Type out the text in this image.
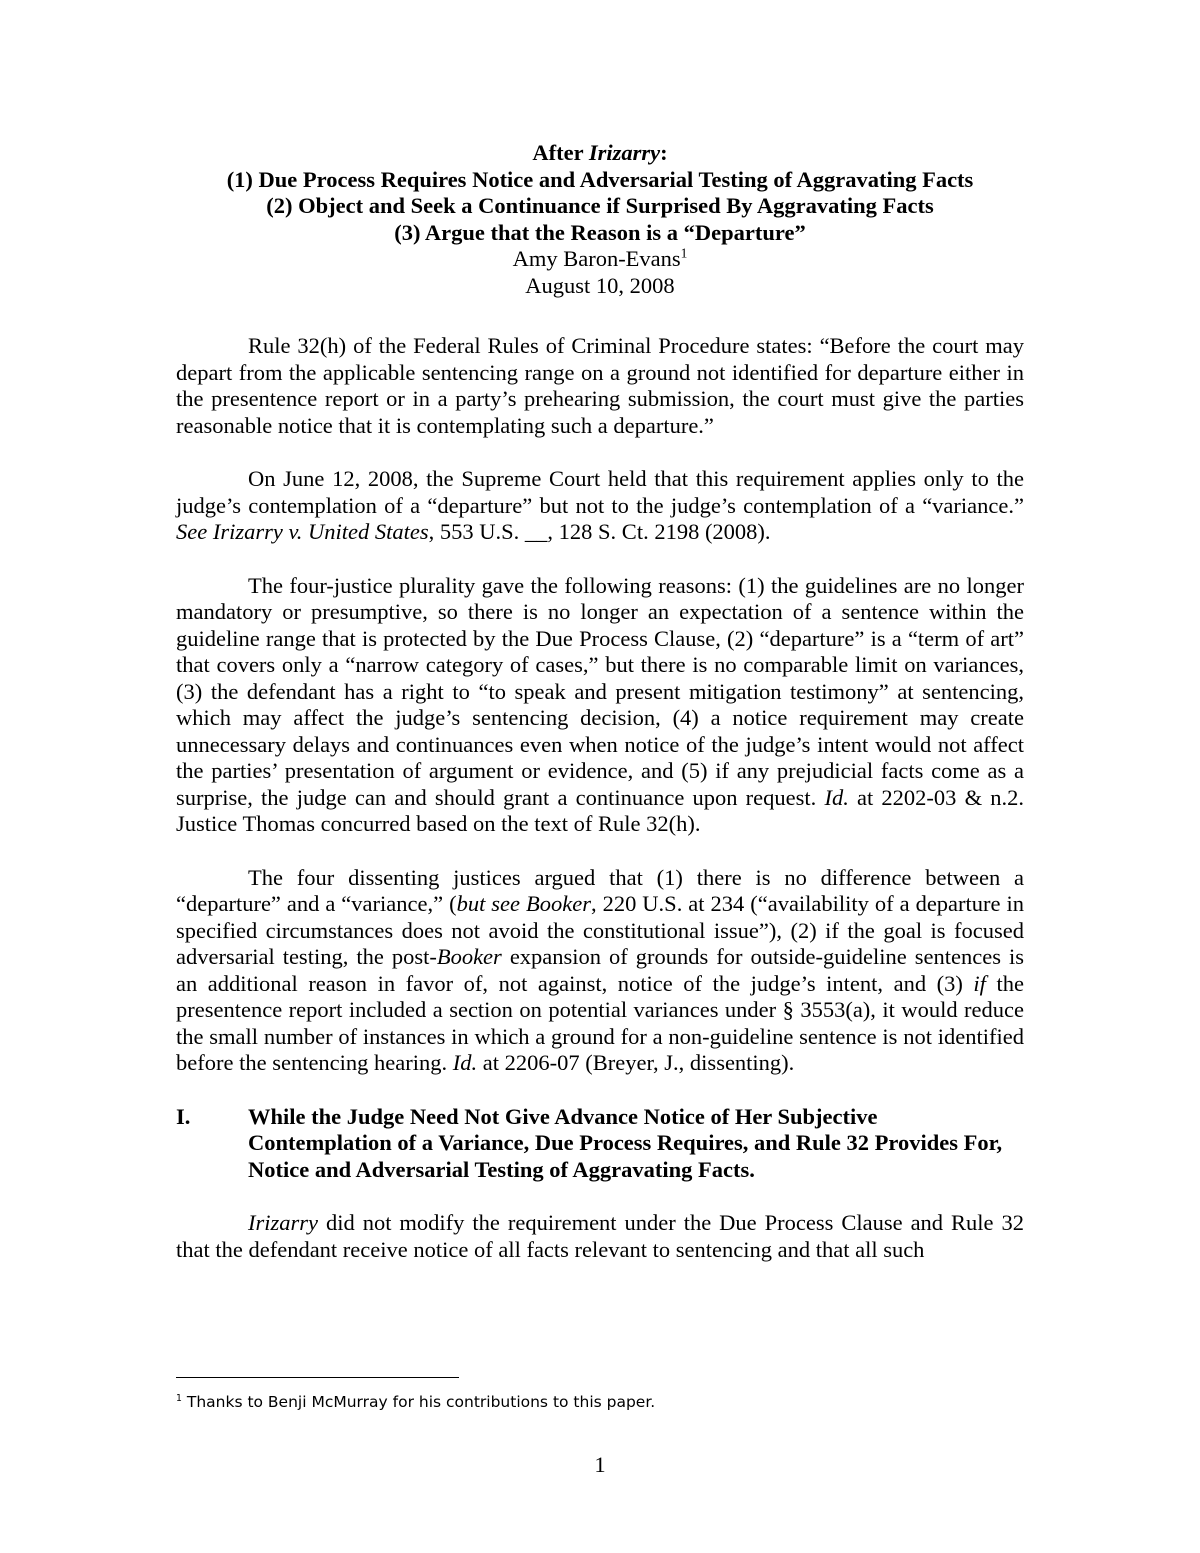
After Irizarry:
(1) Due Process Requires Notice and Adversarial Testing of Aggravating Facts
(2) Object and Seek a Continuance if Surprised By Aggravating Facts
(3) Argue that the Reason is a “Departure”
Amy Baron-Evans$^1$
August 10, 2008
Rule 32(h) of the Federal Rules of Criminal Procedure states: “Before the court may depart from the applicable sentencing range on a ground not identified for departure either in the presentence report or in a party’s prehearing submission, the court must give the parties reasonable notice that it is contemplating such a departure.”
On June 12, 2008, the Supreme Court held that this requirement applies only to the judge’s contemplation of a “departure” but not to the judge’s contemplation of a “variance.” See Irizarry v. United States, 553 U.S. __, 128 S. Ct. 2198 (2008).
The four-justice plurality gave the following reasons: (1) the guidelines are no longer mandatory or presumptive, so there is no longer an expectation of a sentence within the guideline range that is protected by the Due Process Clause, (2) “departure” is a “term of art” that covers only a “narrow category of cases,” but there is no comparable limit on variances, (3) the defendant has a right to “to speak and present mitigation testimony” at sentencing, which may affect the judge’s sentencing decision, (4) a notice requirement may create unnecessary delays and continuances even when notice of the judge’s intent would not affect the parties’ presentation of argument or evidence, and (5) if any prejudicial facts come as a surprise, the judge can and should grant a continuance upon request. Id. at 2202-03 & n.2. Justice Thomas concurred based on the text of Rule 32(h).
The four dissenting justices argued that (1) there is no difference between a “departure” and a “variance,” (but see Booker, 220 U.S. at 234 (“availability of a departure in specified circumstances does not avoid the constitutional issue”), (2) if the goal is focused adversarial testing, the post-Booker expansion of grounds for outside-guideline sentences is an additional reason in favor of, not against, notice of the judge’s intent, and (3) if the presentence report included a section on potential variances under § 3553(a), it would reduce the small number of instances in which a ground for a non-guideline sentence is not identified before the sentencing hearing. Id. at 2206-07 (Breyer, J., dissenting).
I.	While the Judge Need Not Give Advance Notice of Her Subjective Contemplation of a Variance, Due Process Requires, and Rule 32 Provides For, Notice and Adversarial Testing of Aggravating Facts.
Irizarry did not modify the requirement under the Due Process Clause and Rule 32 that the defendant receive notice of all facts relevant to sentencing and that all such
$^1$ Thanks to Benji McMurray for his contributions to this paper.
1
